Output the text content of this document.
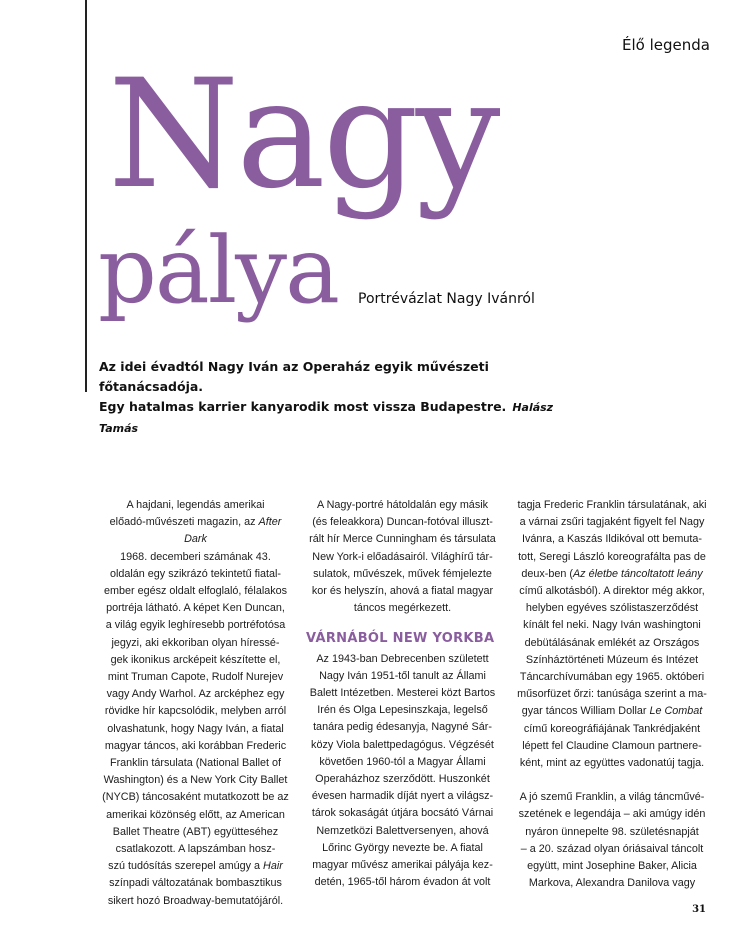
Élő legenda
Nagy
pálya Portrévázlat Nagy Ivánról
Az idei évadtól Nagy Iván az Operaház egyik művészeti főtanácsadója.
Egy hatalmas karrier kanyarodik most vissza Budapestre. Halász Tamás

A hajdani, legendás amerikai

előadó-művészeti magazin, az After Dark

1968. decemberi számának 43.

oldalán egy szikrázó tekintetű fiatal-

ember egész oldalt elfoglaló, félalakos

portréja látható. A képet Ken Duncan,

a világ egyik leghíresebb portréfotósa

jegyzi, aki ekkoriban olyan híressé-

gek ikonikus arcképeit készítette el,

mint Truman Capote, Rudolf Nurejev

vagy Andy Warhol. Az arcképhez egy

rövidke hír kapcsolódik, melyben arról

olvashatunk, hogy Nagy Iván, a fiatal

magyar táncos, aki korábban Frederic

Franklin társulata (National Ballet of

Washington) és a New York City Ballet

(NYCB) táncosaként mutatkozott be az

amerikai közönség előtt, az American

Ballet Theatre (ABT) együtteséhez

csatlakozott. A lapszámban hosz-

szú tudósítás szerepel amúgy a Hair

színpadi változatának bombasztikus

sikert hozó Broadway-bemutatójáról.

A Nagy-portré hátoldalán egy másik

(és feleakkora) Duncan-fotóval illuszt-

rált hír Merce Cunningham és társulata

New York-i előadásairól. Világhírű tár-

sulatok, művészek, művek fémjelezte

kor és helyszín, ahová a fiatal magyar

táncos megérkezett.

VÁRNÁBÓL NEW YORKBA

Az 1943-ban Debrecenben született

Nagy Iván 1951-től tanult az Állami

Balett Intézetben. Mesterei közt Bartos

Irén és Olga Lepesinszkaja, legelső

tanára pedig édesanyja, Nagyné Sár-

közy Viola balettpedagógus. Végzését

követően 1960-tól a Magyar Állami

Operaházhoz szerződött. Huszonkét

évesen harmadik díját nyert a világsz-

tárok sokaságát útjára bocsátó Várnai

Nemzetközi Balettversenyen, ahová

Lőrinc György nevezte be. A fiatal

magyar művész amerikai pályája kez-

detén, 1965-től három évadon át volt

tagja Frederic Franklin társulatának, aki

a várnai zsűri tagjaként figyelt fel Nagy

Ivánra, a Kaszás Ildikóval ott bemuta-

tott, Seregi László koreografálta pas de

deux-ben (Az életbe táncoltatott leány

című alkotásból). A direktor még akkor,

helyben egyéves szólistaszerződést

kínált fel neki. Nagy Iván washingtoni

debütálásának emlékét az Országos

Színháztörténeti Múzeum és Intézet

Táncarchívumában egy 1965. októberi

műsorfüzet őrzi: tanúsága szerint a ma-

gyar táncos William Dollar Le Combat

című koreográfiájának Tankrédjaként

lépett fel Claudine Clamoun partnere-

ként, mint az együttes vadonatúj tagja.

A jó szemű Franklin, a világ táncművé-

szetének e legendája – aki amúgy idén

nyáron ünnepelte 98. születésnapját

– a 20. század olyan óriásaival táncolt

együtt, mint Josephine Baker, Alicia

Markova, Alexandra Danilova vagy

31
